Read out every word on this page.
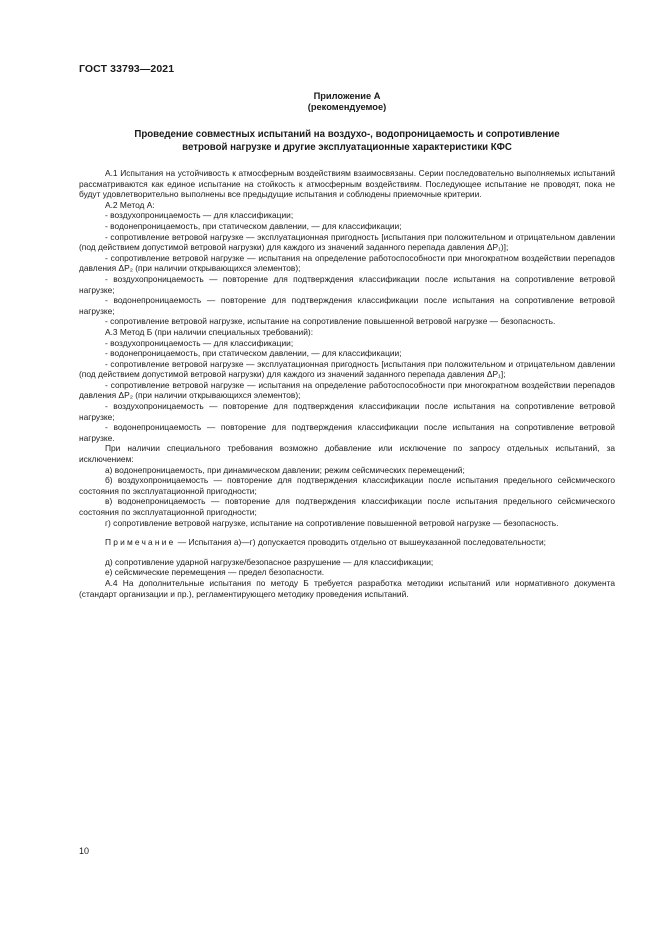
ГОСТ 33793—2021
Приложение А
(рекомендуемое)
Проведение совместных испытаний на воздухо-, водопроницаемость и сопротивление
ветровой нагрузке и другие эксплуатационные характеристики КФС

А.1 Испытания на устойчивость к атмосферным воздействиям взаимосвязаны. Серии последовательно выполняемых испытаний рассматриваются как единое испытание на стойкость к атмосферным воздействиям. Последующее испытание не проводят, пока не будут удовлетворительно выполнены все предыдущие испытания и соблюдены приемочные критерии.

А.2 Метод А:

- воздухопроницаемость — для классификации;

- водонепроницаемость, при статическом давлении, — для классификации;

- сопротивление ветровой нагрузке — эксплуатационная пригодность [испытания при положительном и отрицательном давлении (под действием допустимой ветровой нагрузки) для каждого из значений заданного перепада давления ΔP₁)];

- сопротивление ветровой нагрузке — испытания на определение работоспособности при многократном воздействии перепадов давления ΔP₂ (при наличии открывающихся элементов);

- воздухопроницаемость — повторение для подтверждения классификации после испытания на сопротивление ветровой нагрузке;

- водонепроницаемость — повторение для подтверждения классификации после испытания на сопротивление ветровой нагрузке;

- сопротивление ветровой нагрузке, испытание на сопротивление повышенной ветровой нагрузке — безопасность.

А.3 Метод Б (при наличии специальных требований):

- воздухопроницаемость — для классификации;

- водонепроницаемость, при статическом давлении, — для классификации;

- сопротивление ветровой нагрузке — эксплуатационная пригодность [испытания при положительном и отрицательном давлении (под действием допустимой ветровой нагрузки) для каждого из значений заданного перепада давления ΔP₁];

- сопротивление ветровой нагрузке — испытания на определение работоспособности при многократном воздействии перепадов давления ΔP₂ (при наличии открывающихся элементов);

- воздухопроницаемость — повторение для подтверждения классификации после испытания на сопротивление ветровой нагрузке;

- водонепроницаемость — повторение для подтверждения классификации после испытания на сопротивление ветровой нагрузке.

При наличии специального требования возможно добавление или исключение по запросу отдельных испытаний, за исключением:

а) водонепроницаемость, при динамическом давлении; режим сейсмических перемещений;

б) воздухопроницаемость — повторение для подтверждения классификации после испытания предельного сейсмического состояния по эксплуатационной пригодности;

в) водонепроницаемость — повторение для подтверждения классификации после испытания предельного сейсмического состояния по эксплуатационной пригодности;

г) сопротивление ветровой нагрузке, испытание на сопротивление повышенной ветровой нагрузке — безопасность.

Примечание — Испытания а)—г) допускается проводить отдельно от вышеуказанной последовательности;

д) сопротивление ударной нагрузке/безопасное разрушение — для классификации;

е) сейсмические перемещения — предел безопасности.

А.4 На дополнительные испытания по методу Б требуется разработка методики испытаний или нормативного документа (стандарт организации и пр.), регламентирующего методику проведения испытаний.

10
